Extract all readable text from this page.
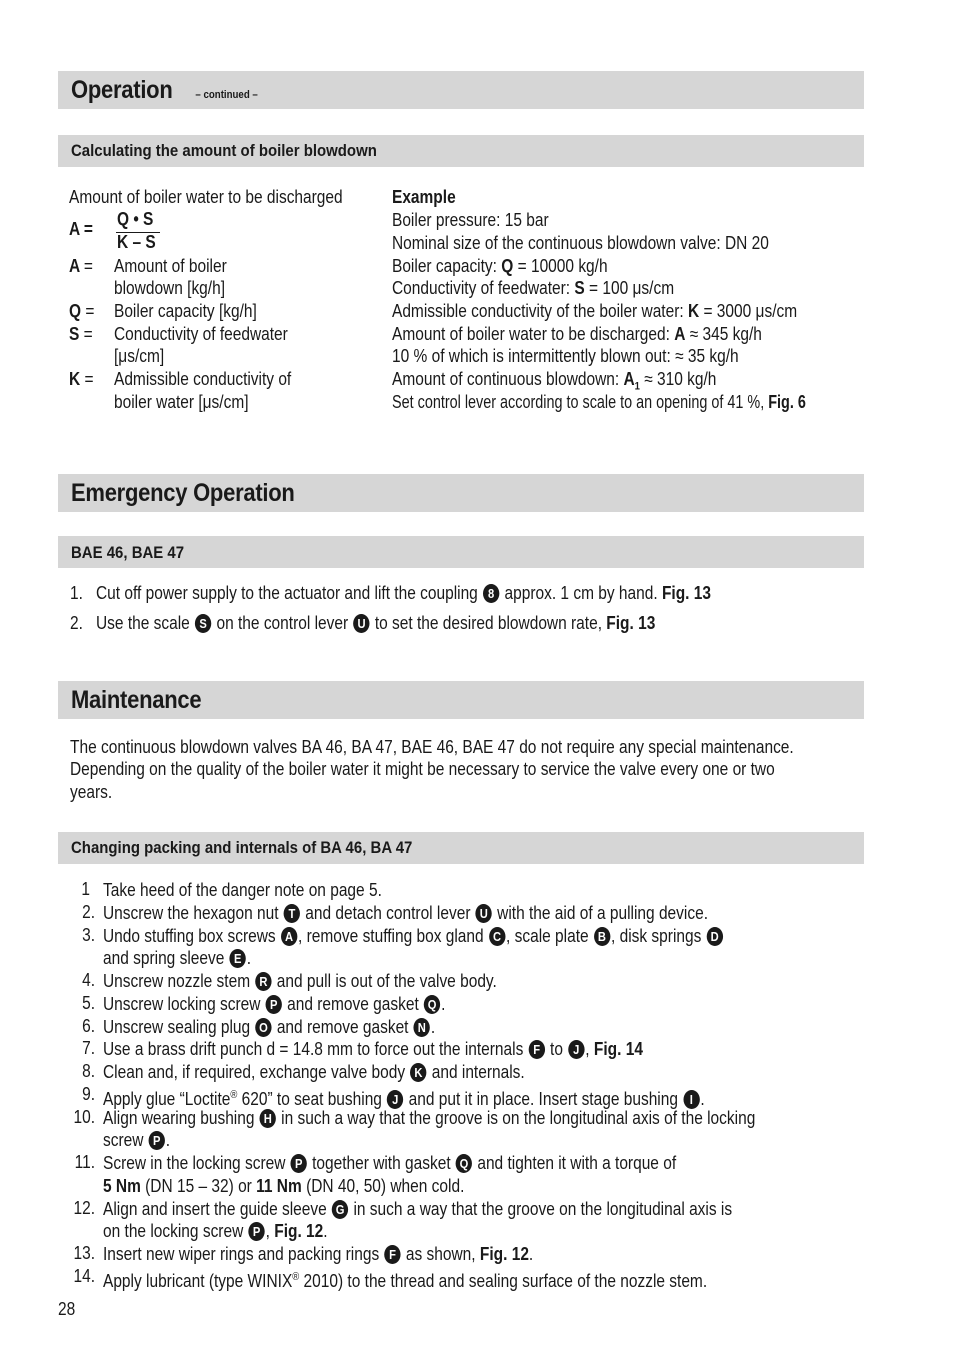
Operation – continued –
Calculating the amount of boiler blowdown
Amount of boiler water to be discharged
A = Q • S
K – S
A = Amount of boiler
blowdown [kg/h]
Q = Boiler capacity [kg/h]
S = Conductivity of feedwater
[μs/cm]
K = Admissible conductivity of
boiler water [μs/cm]
Example
Boiler pressure: 15 bar
Nominal size of the continuous blowdown valve: DN 20
Boiler capacity: Q = 10000 kg/h
Conductivity of feedwater: S = 100 μs/cm
Admissible conductivity of the boiler water: K = 3000 μs/cm
Amount of boiler water to be discharged: A ≈ 345 kg/h
10 % of which is intermittently blown out: ≈ 35 kg/h
Amount of continuous blowdown: $A_1 \approx 310$ kg/h
Set control lever according to scale to an opening of 41 %, Fig. 6
Emergency Operation
BAE 46, BAE 47
1. Cut off power supply to the actuator and lift the coupling 8 approx. 1 cm by hand. Fig. 13
2. Use the scale S on the control lever U to set the desired blowdown rate, Fig. 13
Maintenance
The continuous blowdown valves BA 46, BA 47, BAE 46, BAE 47 do not require any special maintenance.
Depending on the quality of the boiler water it might be necessary to service the valve every one or two
years.
Changing packing and internals of BA 46, BA 47
1 Take heed of the danger note on page 5.
2. Unscrew the hexagon nut T and detach control lever U with the aid of a pulling device.
3. Undo stuffing box screws A , remove stuffing box gland C , scale plate B , disk springs D
and spring sleeve E .
4. Unscrew nozzle stem R and pull is out of the valve body.
5. Unscrew locking screw P and remove gasket Q .
6. Unscrew sealing plug O and remove gasket N .
7. Use a brass drift punch d = 14.8 mm to force out the internals F to J , Fig. 14
8. Clean and, if required, exchange valve body K and internals.
9. Apply glue “Loctite® 620” to seat bushing J and put it in place. Insert stage bushing I .
10. Align wearing bushing H in such a way that the groove is on the longitudinal axis of the locking
screw P .
11. Screw in the locking screw P together with gasket Q and tighten it with a torque of
5 Nm (DN 15 – 32) or 11 Nm (DN 40, 50) when cold.
12. Align and insert the guide sleeve G in such a way that the groove on the longitudinal axis is
on the locking screw P , Fig. 12.
13. Insert new wiper rings and packing rings F as shown, Fig. 12.
14. Apply lubricant (type WINIX® 2010) to the thread and sealing surface of the nozzle stem.
28
